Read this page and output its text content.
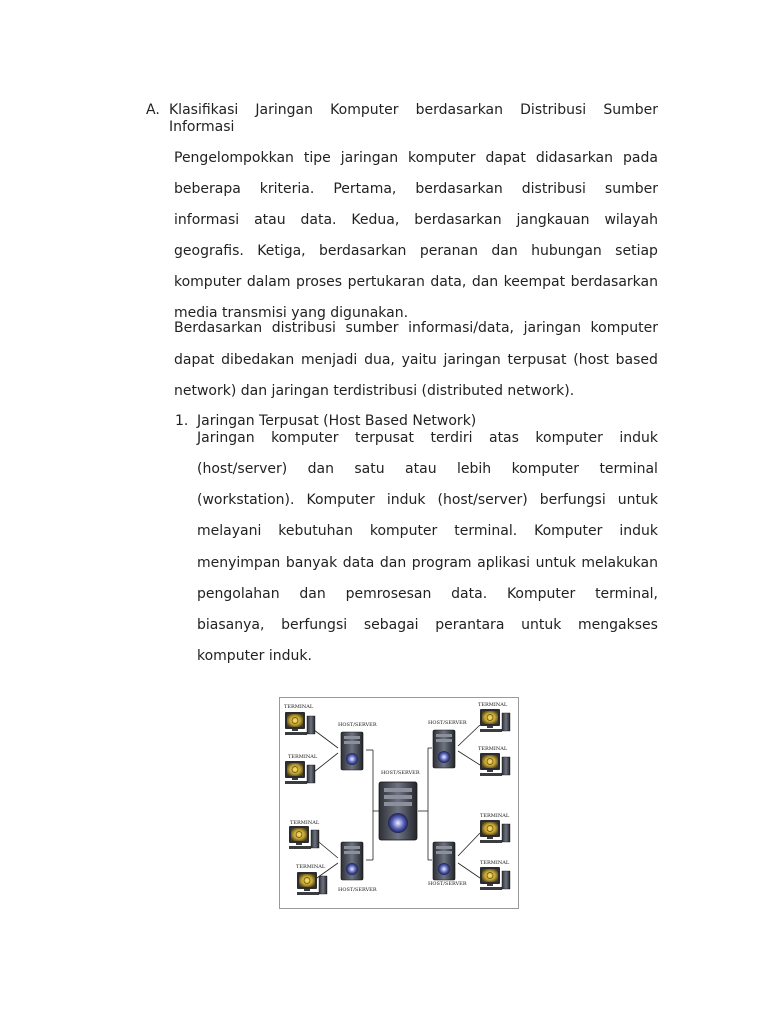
A. Klasifikasi Jaringan Komputer berdasarkan Distribusi Sumber
Informasi
Pengelompokkan tipe jaringan komputer dapat didasarkan pada
beberapa kriteria. Pertama, berdasarkan distribusi sumber
informasi atau data. Kedua, berdasarkan jangkauan wilayah
geografis. Ketiga, berdasarkan peranan dan hubungan setiap
komputer dalam proses pertukaran data, dan keempat berdasarkan
media transmisi yang digunakan.
Berdasarkan distribusi sumber informasi/data, jaringan komputer
dapat dibedakan menjadi dua, yaitu jaringan terpusat (host based
network) dan jaringan terdistribusi (distributed network).
1. Jaringan Terpusat (Host Based Network)
Jaringan komputer terpusat terdiri atas komputer induk
(host/server) dan satu atau lebih komputer terminal
(workstation). Komputer induk (host/server) berfungsi untuk
melayani kebutuhan komputer terminal. Komputer induk
menyimpan banyak data dan program aplikasi untuk melakukan
pengolahan dan pemrosesan data. Komputer terminal,
biasanya, berfungsi sebagai perantara untuk mengakses
komputer induk.
HOST/SERVER
HOST/SERVER
HOST/SERVER
HOST/SERVER
HOST/SERVER
TERMINAL
TERMINAL
TERMINAL
TERMINAL
TERMINAL
TERMINAL
TERMINAL
TERMINAL
